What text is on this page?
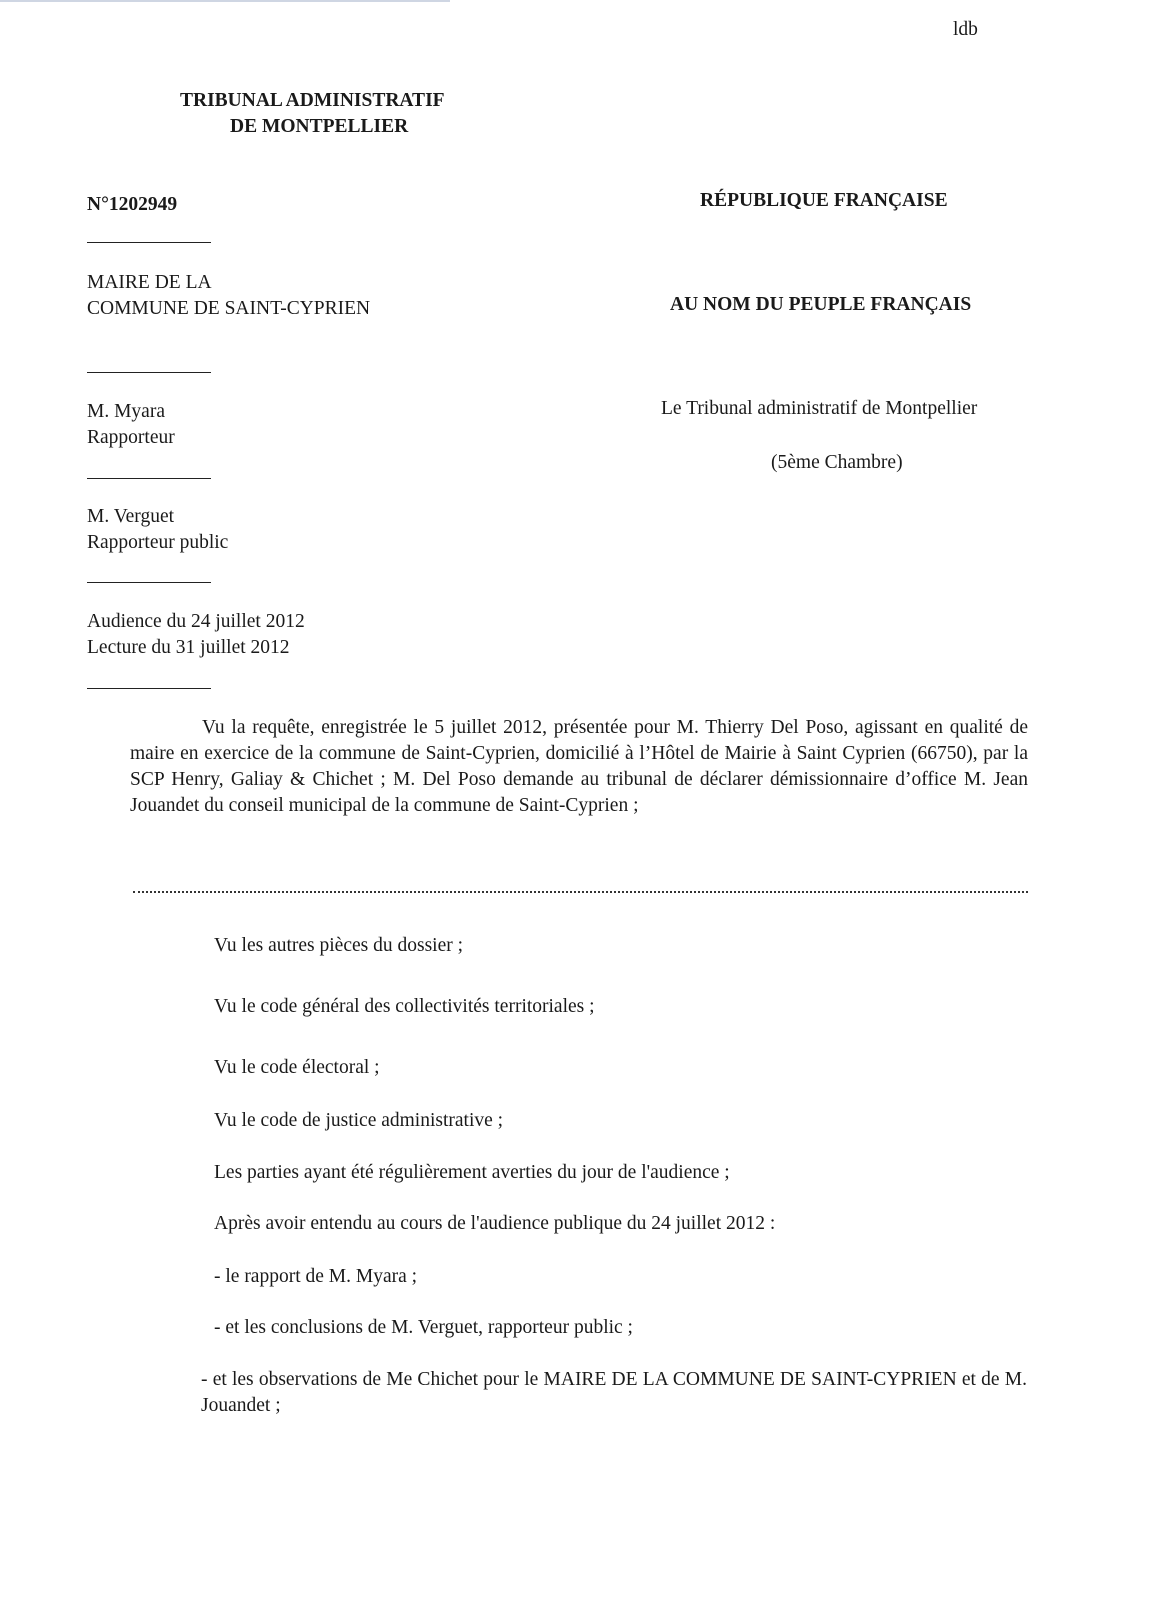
ldb
TRIBUNAL ADMINISTRATIF
DE MONTPELLIER
N°1202949	RÉPUBLIQUE FRANÇAISE
MAIRE DE LA
COMMUNE DE SAINT-CYPRIEN	AU NOM DU PEUPLE FRANÇAIS
M. Myara
Rapporteur
Le Tribunal administratif de Montpellier
(5ème Chambre)
M. Verguet
Rapporteur public
Audience du 24 juillet 2012
Lecture du 31 juillet 2012
Vu la requête, enregistrée le 5 juillet 2012, présentée pour M. Thierry Del Poso, agissant en qualité de maire en exercice de la commune de Saint-Cyprien, domicilié à l’Hôtel de Mairie à Saint Cyprien (66750), par la SCP Henry, Galiay & Chichet ; M. Del Poso demande au tribunal de déclarer démissionnaire d’office M. Jean Jouandet du conseil municipal de la commune de Saint-Cyprien ;
Vu les autres pièces du dossier ;
Vu le code général des collectivités territoriales ;
Vu le code électoral ;
Vu le code de justice administrative ;
Les parties ayant été régulièrement averties du jour de l'audience ;
Après avoir entendu au cours de l'audience publique du 24 juillet 2012 :
- le rapport de M. Myara ;
- et les conclusions de M. Verguet, rapporteur public ;
- et les observations de Me Chichet pour le MAIRE DE LA COMMUNE DE SAINT-CYPRIEN et de M. Jouandet ;
